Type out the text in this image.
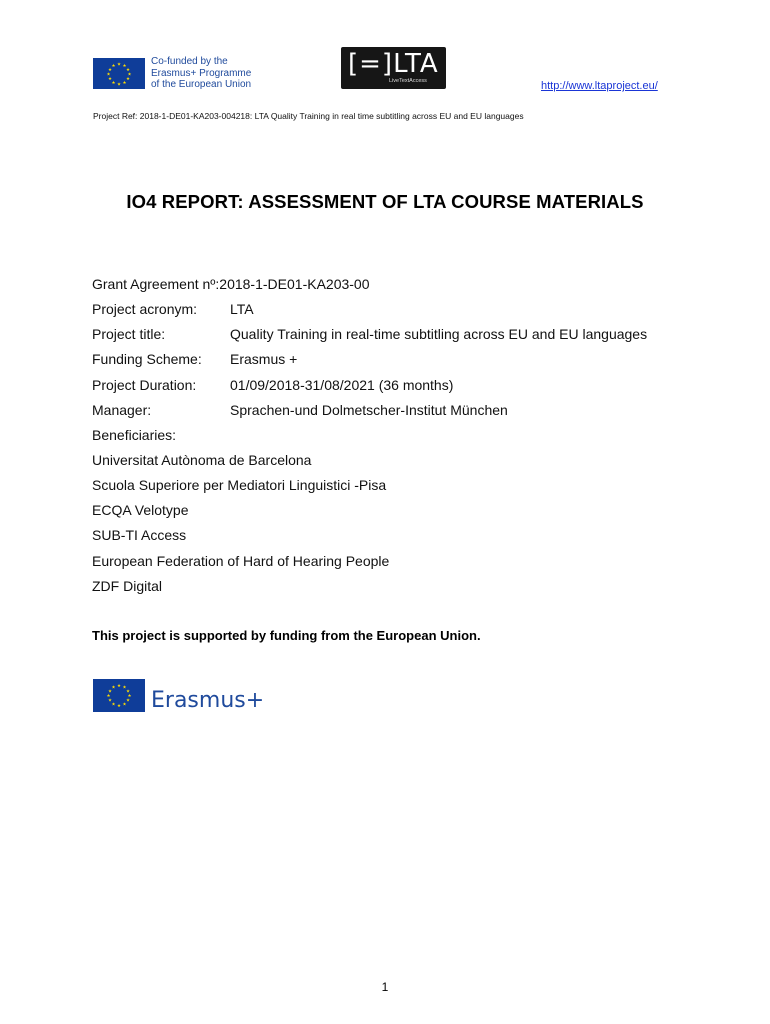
★ ★
★
★
★
★
★
★
★
★
★
★	Co-funded by the
Erasmus+ Programme
of the European Union
[=]LTA
LiveTextAccess	http://www.ltaproject.eu/
Project Ref: 2018-1-DE01-KA203-004218: LTA Quality Training in real time subtitling across EU and EU languages
IO4 REPORT: ASSESSMENT OF LTA COURSE MATERIALS
Grant Agreement nº:2018-1-DE01-KA203-00
Project acronym: LTA
Project title:	Quality Training in real-time subtitling across EU and EU languages
Funding Scheme: Erasmus +
Project Duration: 01/09/2018-31/08/2021 (36 months)
Manager:	Sprachen-und Dolmetscher-Institut München
Beneficiaries:
Universitat Autònoma de Barcelona
Scuola Superiore per Mediatori Linguistici -Pisa
ECQA Velotype
SUB-TI Access
European Federation of Hard of Hearing People
ZDF Digital
This project is supported by funding from the European Union.
★ ★
★
★
★
★
★
★
★
★
★
★ Erasmus+
1
